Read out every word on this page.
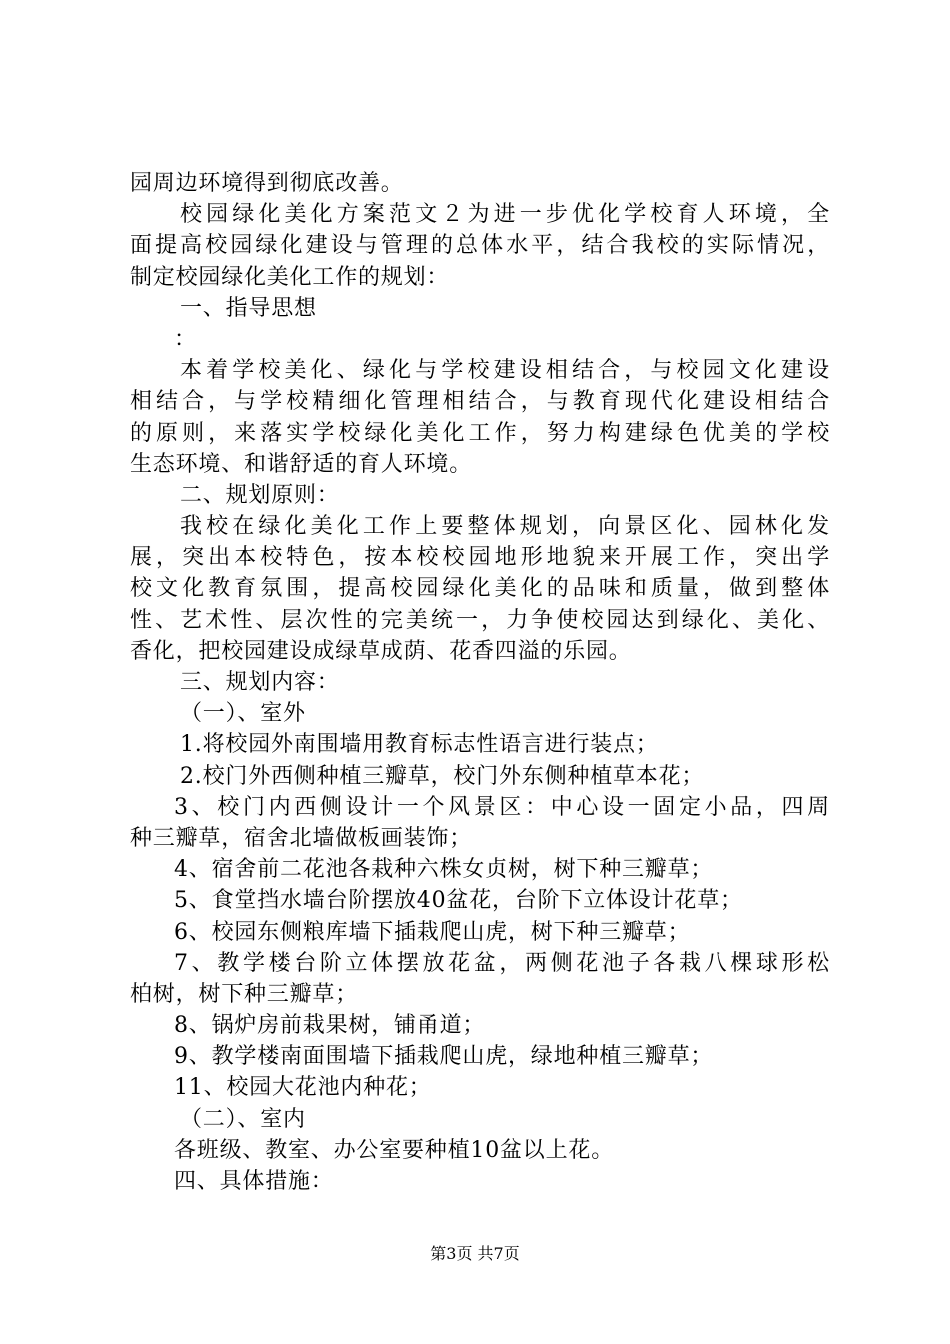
园周边环境得到彻底改善。
校园绿化美化方案范文２为进一步优化学校育人环境，全
面提高校园绿化建设与管理的总体水平，结合我校的实际情况，
制定校园绿化美化工作的规划：
一、指导思想
：
本着学校美化、绿化与学校建设相结合，与校园文化建设
相结合，与学校精细化管理相结合，与教育现代化建设相结合
的原则，来落实学校绿化美化工作，努力构建绿色优美的学校
生态环境、和谐舒适的育人环境。
二、规划原则：
我校在绿化美化工作上要整体规划，向景区化、园林化发
展，突出本校特色，按本校校园地形地貌来开展工作，突出学
校文化教育氛围，提高校园绿化美化的品味和质量，做到整体
性、艺术性、层次性的完美统一，力争使校园达到绿化、美化、
香化，把校园建设成绿草成荫、花香四溢的乐园。
三、规划内容：
（一）、室外
1.将校园外南围墙用教育标志性语言进行装点；
2.校门外西侧种植三瓣草，校门外东侧种植草本花；
3、校门内西侧设计一个风景区：中心设一固定小品，四周
种三瓣草，宿舍北墙做板画装饰；
4、宿舍前二花池各栽种六株女贞树，树下种三瓣草；
5、食堂挡水墙台阶摆放40盆花，台阶下立体设计花草；
6、校园东侧粮库墙下插栽爬山虎，树下种三瓣草；
7、教学楼台阶立体摆放花盆，两侧花池子各栽八棵球形松
柏树，树下种三瓣草；
8、锅炉房前栽果树，铺甬道；
9、教学楼南面围墙下插栽爬山虎，绿地种植三瓣草；
11、校园大花池内种花；
（二）、室内
各班级、教室、办公室要种植10盆以上花。
四、具体措施：
第3页 共7页
